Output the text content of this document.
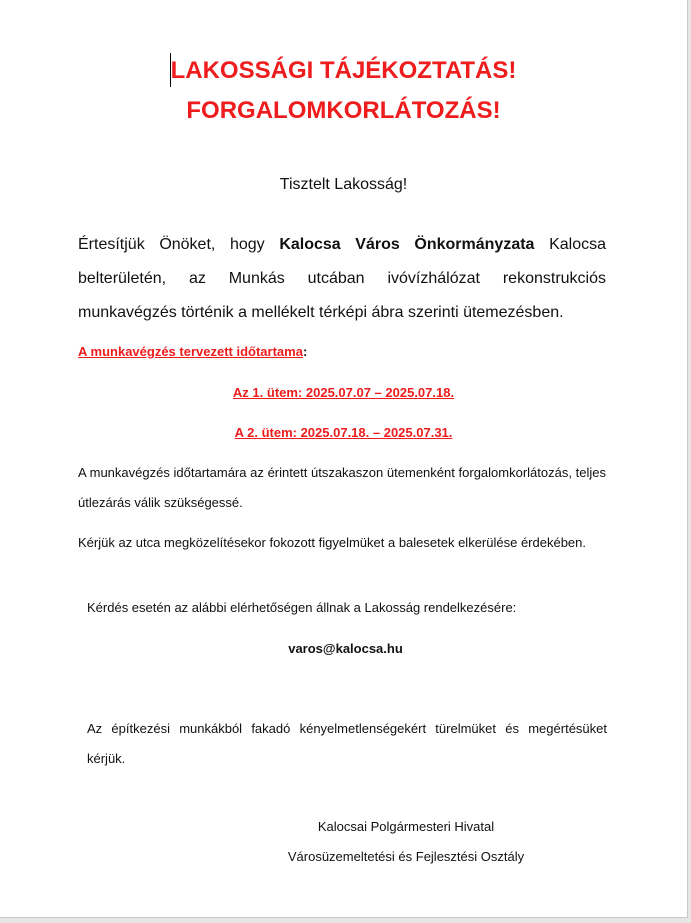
LAKOSSÁGI TÁJÉKOZTATÁS!
FORGALOMKORLÁTOZÁS!

Tisztelt Lakosság!

Értesítjük Önöket, hogy Kalocsa Város Önkormányzata Kalocsa belterületén, az Munkás utcában ivóvízhálózat rekonstrukciós munkavégzés történik a mellékelt térképi ábra szerinti ütemezésben.

A munkavégzés tervezett időtartama:

Az 1. ütem: 2025.07.07 – 2025.07.18.

A 2. ütem: 2025.07.18. – 2025.07.31.

A munkavégzés időtartamára az érintett útszakaszon ütemenként forgalomkorlátozás, teljes útlezárás válik szükségessé.

Kérjük az utca megközelítésekor fokozott figyelmüket a balesetek elkerülése érdekében.

Kérdés esetén az alábbi elérhetőségen állnak a Lakosság rendelkezésére:

varos@kalocsa.hu

Az építkezési munkákból fakadó kényelmetlenségekért türelmüket és megértésüket kérjük.

Kalocsai Polgármesteri Hivatal

Városüzemeltetési és Fejlesztési Osztály
